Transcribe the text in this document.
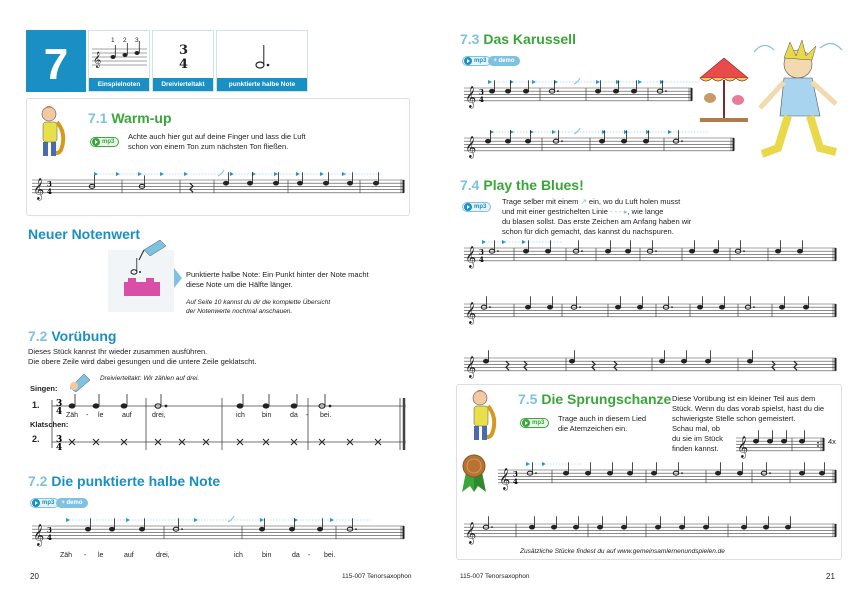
7	𝄞
1 2 3
Einspielnoten
3
4
Dreivierteltakt	punktierte halbe Note
7.1 Warm-up
mp3
Achte auch hier gut auf deine Finger und lass die Luft
schon von einem Ton zum nächsten Ton fließen.
𝄞 3
4
Neuer Notenwert
Punktierte halbe Note: Ein Punkt hinter der Note macht
diese Note um die Hälfte länger.
Auf Seite 10 kannst du dir die komplette Übersicht
der Notenwerte nochmal anschauen.
7.2 Vorübung
Dieses Stück kannst Ihr wieder zusammen ausführen.
Die obere Zeile wird dabei gesungen und die untere Zeile geklatscht.
Singen:
Dreivierteltakt: Wir zählen auf drei.
1.
Klatschen:
2.
3
4
3
4
Zäh - le	auf	drei,	ich bin	da - bei.
7.2 Die punktierte halbe Note
mp3	+ demo
𝄞 3
4
Zäh - le	auf	drei,	ich	bin	da - bei.
20	115-007 Tenorsaxophon
7.3 Das Karussell
mp3	+ demo
𝄞 3
4
𝄞
7.4 Play the Blues!
mp3
Trage selber mit einem ↗ ein, wo du Luft holen musst
und mit einer gestrichelten Linie - - - ▸, wie lange
du blasen sollst. Das erste Zeichen am Anfang haben wir
schon für dich gemacht, das kannst du nachspuren.
𝄞 3
4
𝄞
𝄞
7.5 Die Sprungschanze
mp3 Trage auch in diesem Lied
die Atemzeichen ein.
Diese Vorübung ist ein kleiner Teil aus dem
Stück. Wenn du das vorab spielst, hast du die
schwierigste Stelle schon gemeistert.
Schau mal, ob
du sie im Stück
finden kannst. 𝄞	4x
𝄞 3
4
𝄞
Zusätzliche Stücke findest du auf www.gemeinsamlernenundspielen.de
115-007 Tenorsaxophon	21
